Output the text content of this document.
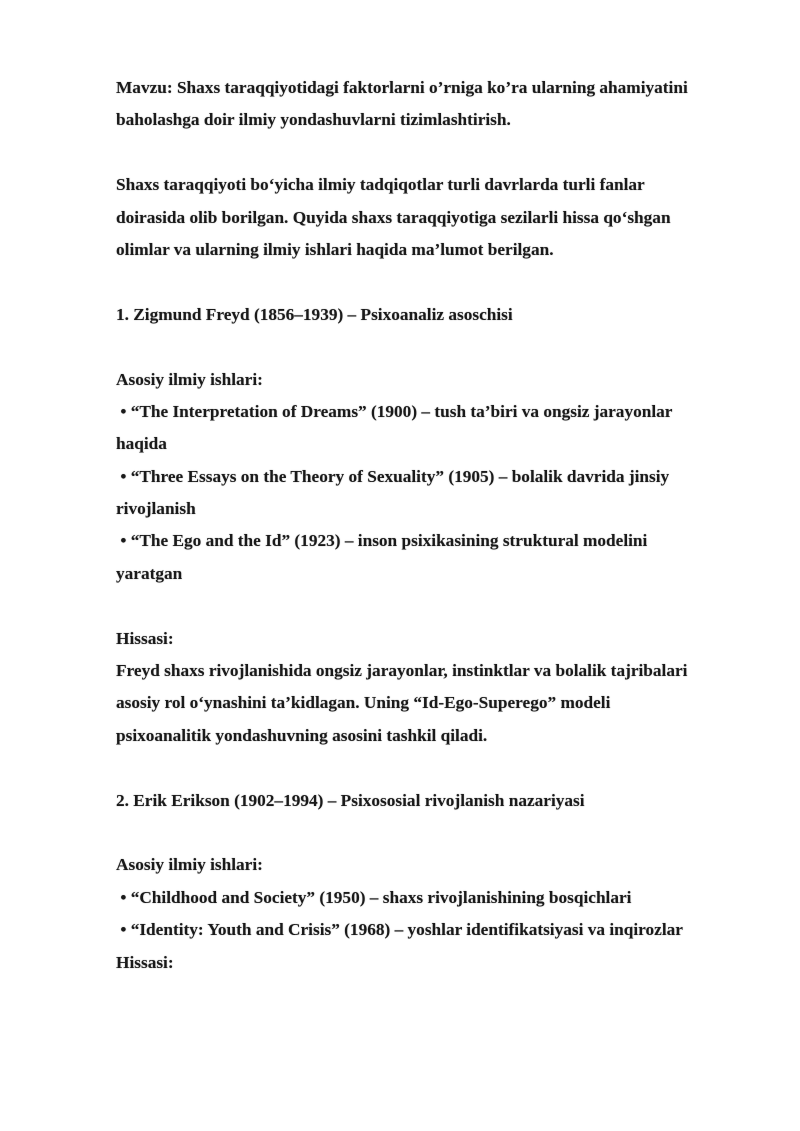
Mavzu: Shaxs taraqqiyotidagi faktorlarni o’rniga ko’ra ularning ahamiyatini
baholashga doir ilmiy yondashuvlarni tizimlashtirish.

Shaxs taraqqiyoti bo‘yicha ilmiy tadqiqotlar turli davrlarda turli fanlar
doirasida olib borilgan. Quyida shaxs taraqqiyotiga sezilarli hissa qo‘shgan
olimlar va ularning ilmiy ishlari haqida ma’lumot berilgan.

1. Zigmund Freyd (1856–1939) – Psixoanaliz asoschisi

Asosiy ilmiy ishlari:
• “The Interpretation of Dreams” (1900) – tush ta’biri va ongsiz jarayonlar
haqida
• “Three Essays on the Theory of Sexuality” (1905) – bolalik davrida jinsiy
rivojlanish
• “The Ego and the Id” (1923) – inson psixikasining struktural modelini
yaratgan

Hissasi:
Freyd shaxs rivojlanishida ongsiz jarayonlar, instinktlar va bolalik tajribalari
asosiy rol o‘ynashini ta’kidlagan. Uning “Id-Ego-Superego” modeli
psixoanalitik yondashuvning asosini tashkil qiladi.

2. Erik Erikson (1902–1994) – Psixososial rivojlanish nazariyasi

Asosiy ilmiy ishlari:
• “Childhood and Society” (1950) – shaxs rivojlanishining bosqichlari
• “Identity: Youth and Crisis” (1968) – yoshlar identifikatsiyasi va inqirozlar
Hissasi:
